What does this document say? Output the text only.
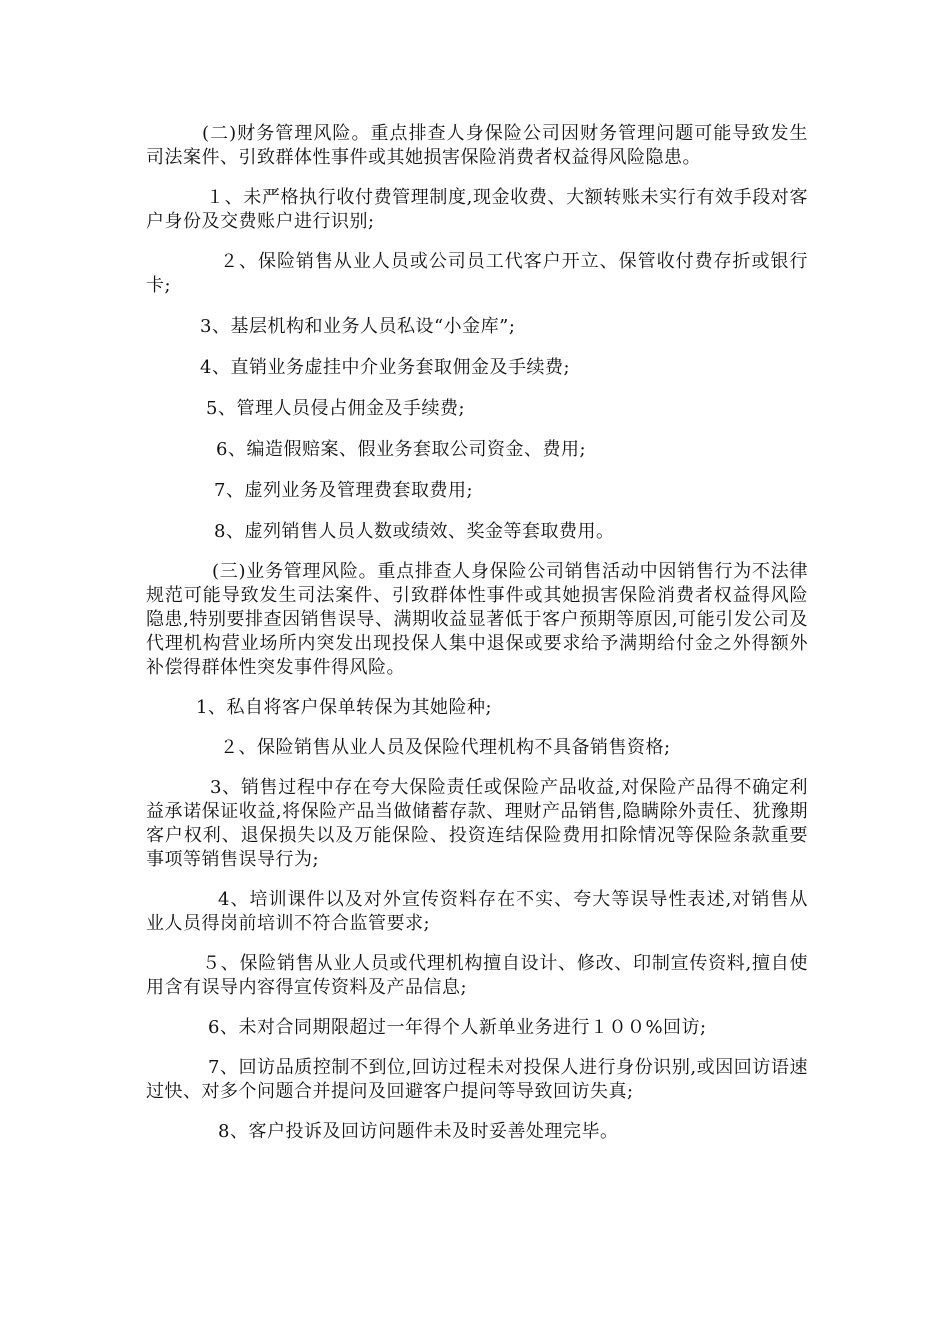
(二)财务管理风险。重点排查人身保险公司因财务管理问题可能导致发生司法案件、引致群体性事件或其她损害保险消费者权益得风险隐患。

１、未严格执行收付费管理制度,现金收费、大额转账未实行有效手段对客户身份及交费账户进行识别;

２、保险销售从业人员或公司员工代客户开立、保管收付费存折或银行卡;

3、基层机构和业务人员私设“小金库”;

4、直销业务虚挂中介业务套取佣金及手续费;

5、管理人员侵占佣金及手续费;

6、编造假赔案、假业务套取公司资金、费用;

7、虚列业务及管理费套取费用;

8、虚列销售人员人数或绩效、奖金等套取费用。

(三)业务管理风险。重点排查人身保险公司销售活动中因销售行为不法律规范可能导致发生司法案件、引致群体性事件或其她损害保险消费者权益得风险隐患,特别要排查因销售误导、满期收益显著低于客户预期等原因,可能引发公司及代理机构营业场所内突发出现投保人集中退保或要求给予满期给付金之外得额外补偿得群体性突发事件得风险。

1、私自将客户保单转保为其她险种;

２、保险销售从业人员及保险代理机构不具备销售资格;

3、销售过程中存在夸大保险责任或保险产品收益,对保险产品得不确定利益承诺保证收益,将保险产品当做储蓄存款、理财产品销售,隐瞒除外责任、犹豫期客户权利、退保损失以及万能保险、投资连结保险费用扣除情况等保险条款重要事项等销售误导行为;

4、培训课件以及对外宣传资料存在不实、夸大等误导性表述,对销售从业人员得岗前培训不符合监管要求;

５、保险销售从业人员或代理机构擅自设计、修改、印制宣传资料,擅自使用含有误导内容得宣传资料及产品信息;

6、未对合同期限超过一年得个人新单业务进行１００%回访;

7、回访品质控制不到位,回访过程未对投保人进行身份识别,或因回访语速过快、对多个问题合并提问及回避客户提问等导致回访失真;

8、客户投诉及回访问题件未及时妥善处理完毕。
